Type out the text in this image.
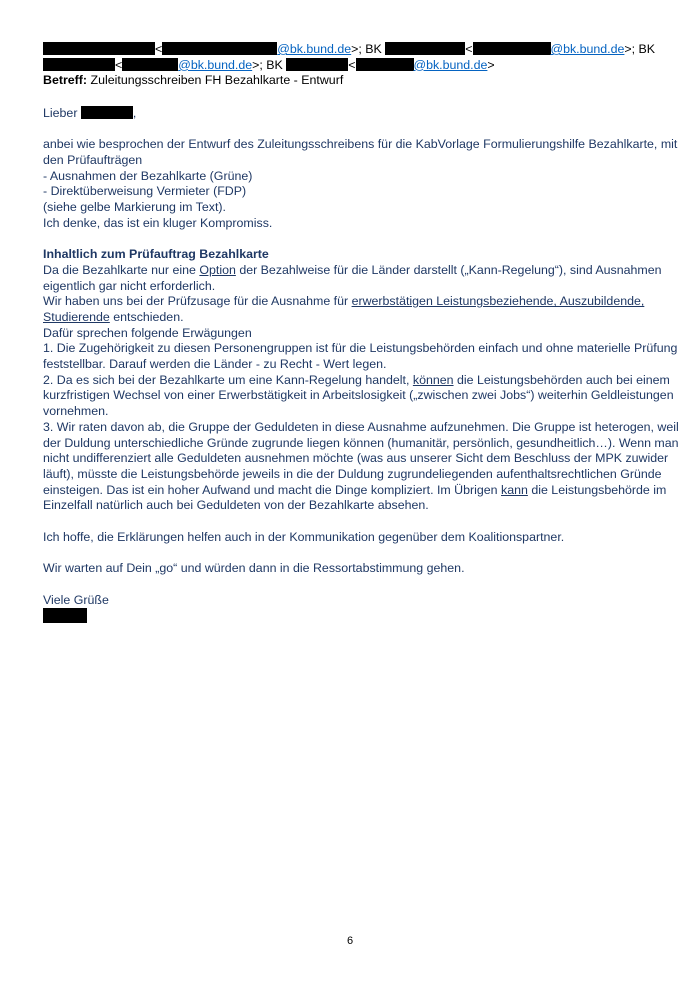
<	@bk.bund.de>; BK	<	@bk.bund.de>; BK
<	@bk.bund.de>; BK	<	@bk.bund.de>
Betreff: Zuleitungsschreiben FH Bezahlkarte - Entwurf
Lieber	,
anbei wie besprochen der Entwurf des Zuleitungsschreibens für die KabVorlage Formulierungshilfe Bezahlkarte, mit
den Prüfaufträgen
- Ausnahmen der Bezahlkarte (Grüne)
- Direktüberweisung Vermieter (FDP)
(siehe gelbe Markierung im Text).
Ich denke, das ist ein kluger Kompromiss.
Inhaltlich zum Prüfauftrag Bezahlkarte
Da die Bezahlkarte nur eine Option der Bezahlweise für die Länder darstellt („Kann-Regelung“), sind Ausnahmen
eigentlich gar nicht erforderlich.
Wir haben uns bei der Prüfzusage für die Ausnahme für erwerbstätigen Leistungsbeziehende, Auszubildende,
Studierende entschieden.
Dafür sprechen folgende Erwägungen
1. Die Zugehörigkeit zu diesen Personengruppen ist für die Leistungsbehörden einfach und ohne materielle Prüfung
feststellbar. Darauf werden die Länder - zu Recht - Wert legen.
2. Da es sich bei der Bezahlkarte um eine Kann-Regelung handelt, können die Leistungsbehörden auch bei einem
kurzfristigen Wechsel von einer Erwerbstätigkeit in Arbeitslosigkeit („zwischen zwei Jobs“) weiterhin Geldleistungen
vornehmen.
3. Wir raten davon ab, die Gruppe der Geduldeten in diese Ausnahme aufzunehmen. Die Gruppe ist heterogen, weil
der Duldung unterschiedliche Gründe zugrunde liegen können (humanitär, persönlich, gesundheitlich…). Wenn man
nicht undifferenziert alle Geduldeten ausnehmen möchte (was aus unserer Sicht dem Beschluss der MPK zuwider
läuft), müsste die Leistungsbehörde jeweils in die der Duldung zugrundeliegenden aufenthaltsrechtlichen Gründe
einsteigen. Das ist ein hoher Aufwand und macht die Dinge kompliziert. Im Übrigen kann die Leistungsbehörde im
Einzelfall natürlich auch bei Geduldeten von der Bezahlkarte absehen.
Ich hoffe, die Erklärungen helfen auch in der Kommunikation gegenüber dem Koalitionspartner.
Wir warten auf Dein „go“ und würden dann in die Ressortabstimmung gehen.
Viele Grüße
6
